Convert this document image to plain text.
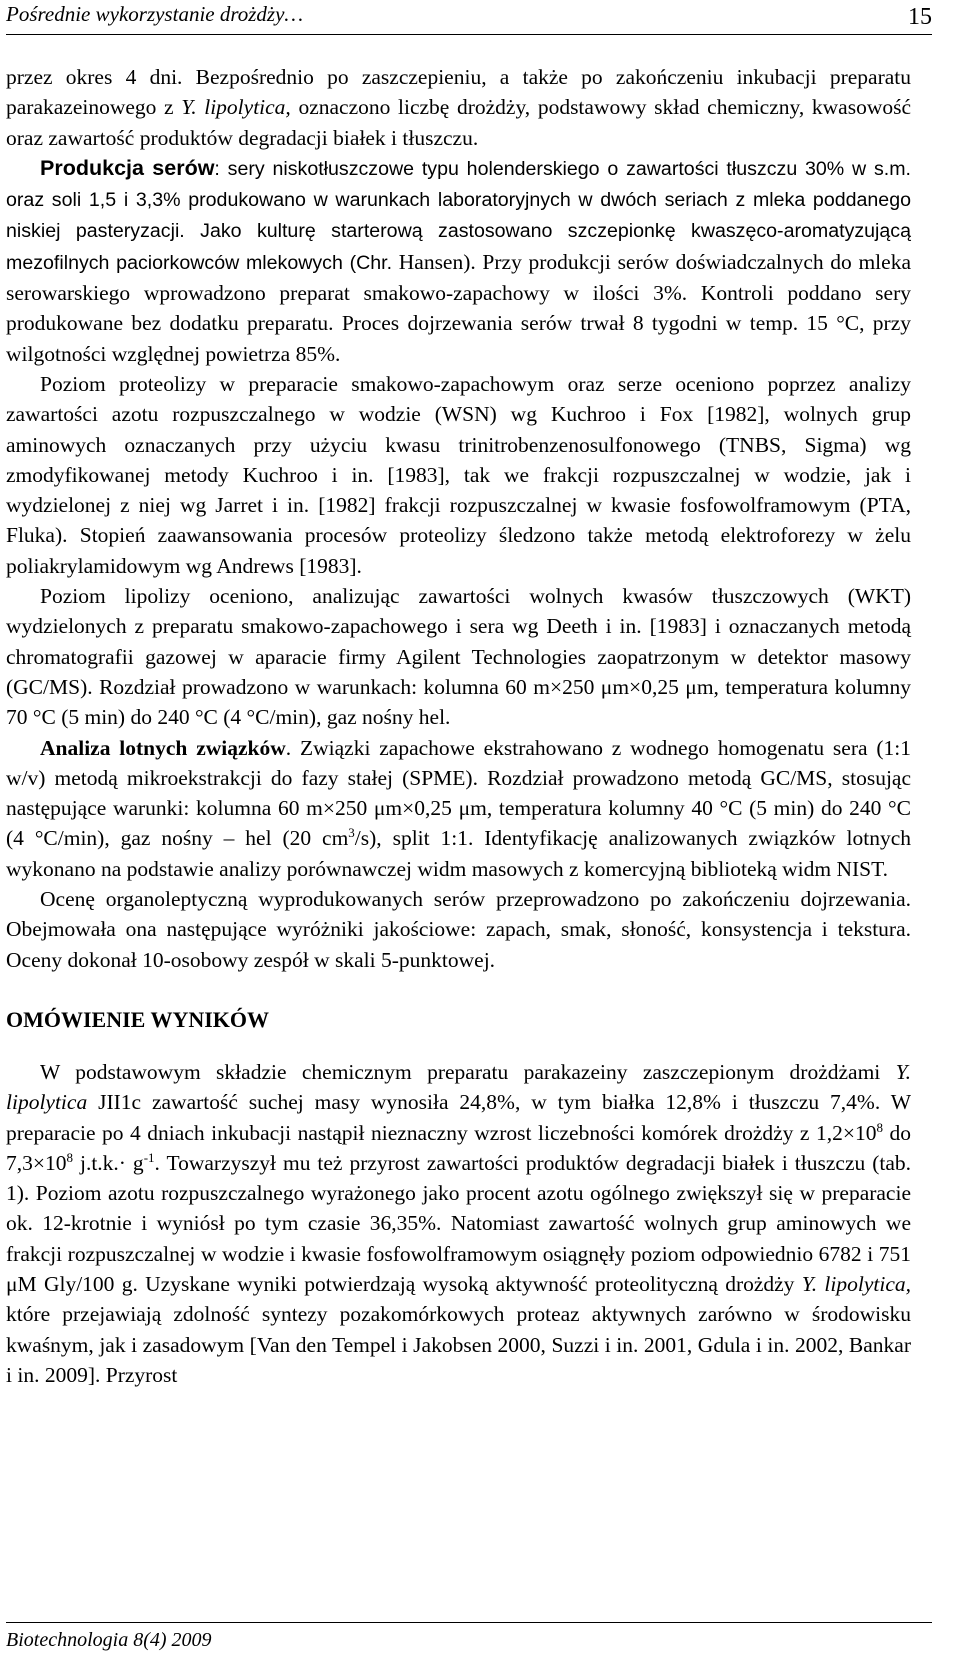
Pośrednie wykorzystanie drożdży…	15

przez okres 4 dni. Bezpośrednio po zaszczepieniu, a także po zakończeniu inkubacji preparatu parakazeinowego z Y. lipolytica, oznaczono liczbę drożdży, podstawowy skład chemiczny, kwasowość oraz zawartość produktów degradacji białek i tłuszczu.

Produkcja serów: sery niskotłuszczowe typu holenderskiego o zawartości tłuszczu 30% w s.m. oraz soli 1,5 i 3,3% produkowano w warunkach laboratoryjnych w dwóch seriach z mleka poddanego niskiej pasteryzacji. Jako kulturę starterową zastosowano szczepionkę kwaszęco-aromatyzującą mezofilnych paciorkowców mlekowych (Chr. Hansen). Przy produkcji serów doświadczalnych do mleka serowarskiego wprowadzono preparat smakowo-zapachowy w ilości 3%. Kontroli poddano sery produkowane bez dodatku preparatu. Proces dojrzewania serów trwał 8 tygodni w temp. 15 °C, przy wilgotności względnej powietrza 85%.

Poziom proteolizy w preparacie smakowo-zapachowym oraz serze oceniono poprzez analizy zawartości azotu rozpuszczalnego w wodzie (WSN) wg Kuchroo i Fox [1982], wolnych grup aminowych oznaczanych przy użyciu kwasu trinitrobenzenosulfonowego (TNBS, Sigma) wg zmodyfikowanej metody Kuchroo i in. [1983], tak we frakcji rozpuszczalnej w wodzie, jak i wydzielonej z niej wg Jarret i in. [1982] frakcji rozpuszczalnej w kwasie fosfowolframowym (PTA, Fluka). Stopień zaawansowania procesów proteolizy śledzono także metodą elektroforezy w żelu poliakrylamidowym wg Andrews [1983].

Poziom lipolizy oceniono, analizując zawartości wolnych kwasów tłuszczowych (WKT) wydzielonych z preparatu smakowo-zapachowego i sera wg Deeth i in. [1983] i oznaczanych metodą chromatografii gazowej w aparacie firmy Agilent Technologies zaopatrzonym w detektor masowy (GC/MS). Rozdział prowadzono w warunkach: kolumna 60 m×250 μm×0,25 μm, temperatura kolumny 70 °C (5 min) do 240 °C (4 °C/min), gaz nośny hel.

Analiza lotnych związków. Związki zapachowe ekstrahowano z wodnego homogenatu sera (1:1 w/v) metodą mikroekstrakcji do fazy stałej (SPME). Rozdział prowadzono metodą GC/MS, stosując następujące warunki: kolumna 60 m×250 μm×0,25 μm, temperatura kolumny 40 °C (5 min) do 240 °C (4 °C/min), gaz nośny – hel (20 $cm^3/s$), split 1:1. Identyfikację analizowanych związków lotnych wykonano na podstawie analizy porównawczej widm masowych z komercyjną biblioteką widm NIST.

Ocenę organoleptyczną wyprodukowanych serów przeprowadzono po zakończeniu dojrzewania. Obejmowała ona następujące wyróżniki jakościowe: zapach, smak, słoność, konsystencja i tekstura. Oceny dokonał 10-osobowy zespół w skali 5-punktowej.

OMÓWIENIE WYNIKÓW

W podstawowym składzie chemicznym preparatu parakazeiny zaszczepionym drożdżami Y. lipolytica JII1c zawartość suchej masy wynosiła 24,8%, w tym białka 12,8% i tłuszczu 7,4%. W preparacie po 4 dniach inkubacji nastąpił nieznaczny wzrost liczebności komórek drożdży z $1,2\times 10^8$ do $7,3\times 10^8$ $j.t.k.\cdot g^{-1}$. Towarzyszył mu też przyrost zawartości produktów degradacji białek i tłuszczu (tab. 1). Poziom azotu rozpuszczalnego wyrażonego jako procent azotu ogólnego zwiększył się w preparacie ok. 12-krotnie i wyniósł po tym czasie 36,35%. Natomiast zawartość wolnych grup aminowych we frakcji rozpuszczalnej w wodzie i kwasie fosfowolframowym osiągnęły poziom odpowiednio 6782 i 751 μM Gly/100 g. Uzyskane wyniki potwierdzają wysoką aktywność proteolityczną drożdży Y. lipolytica, które przejawiają zdolność syntezy pozakomórkowych proteaz aktywnych zarówno w środowisku kwaśnym, jak i zasadowym [Van den Tempel i Jakobsen 2000, Suzzi i in. 2001, Gdula i in. 2002, Bankar i in. 2009]. Przyrost

Biotechnologia 8(4) 2009
